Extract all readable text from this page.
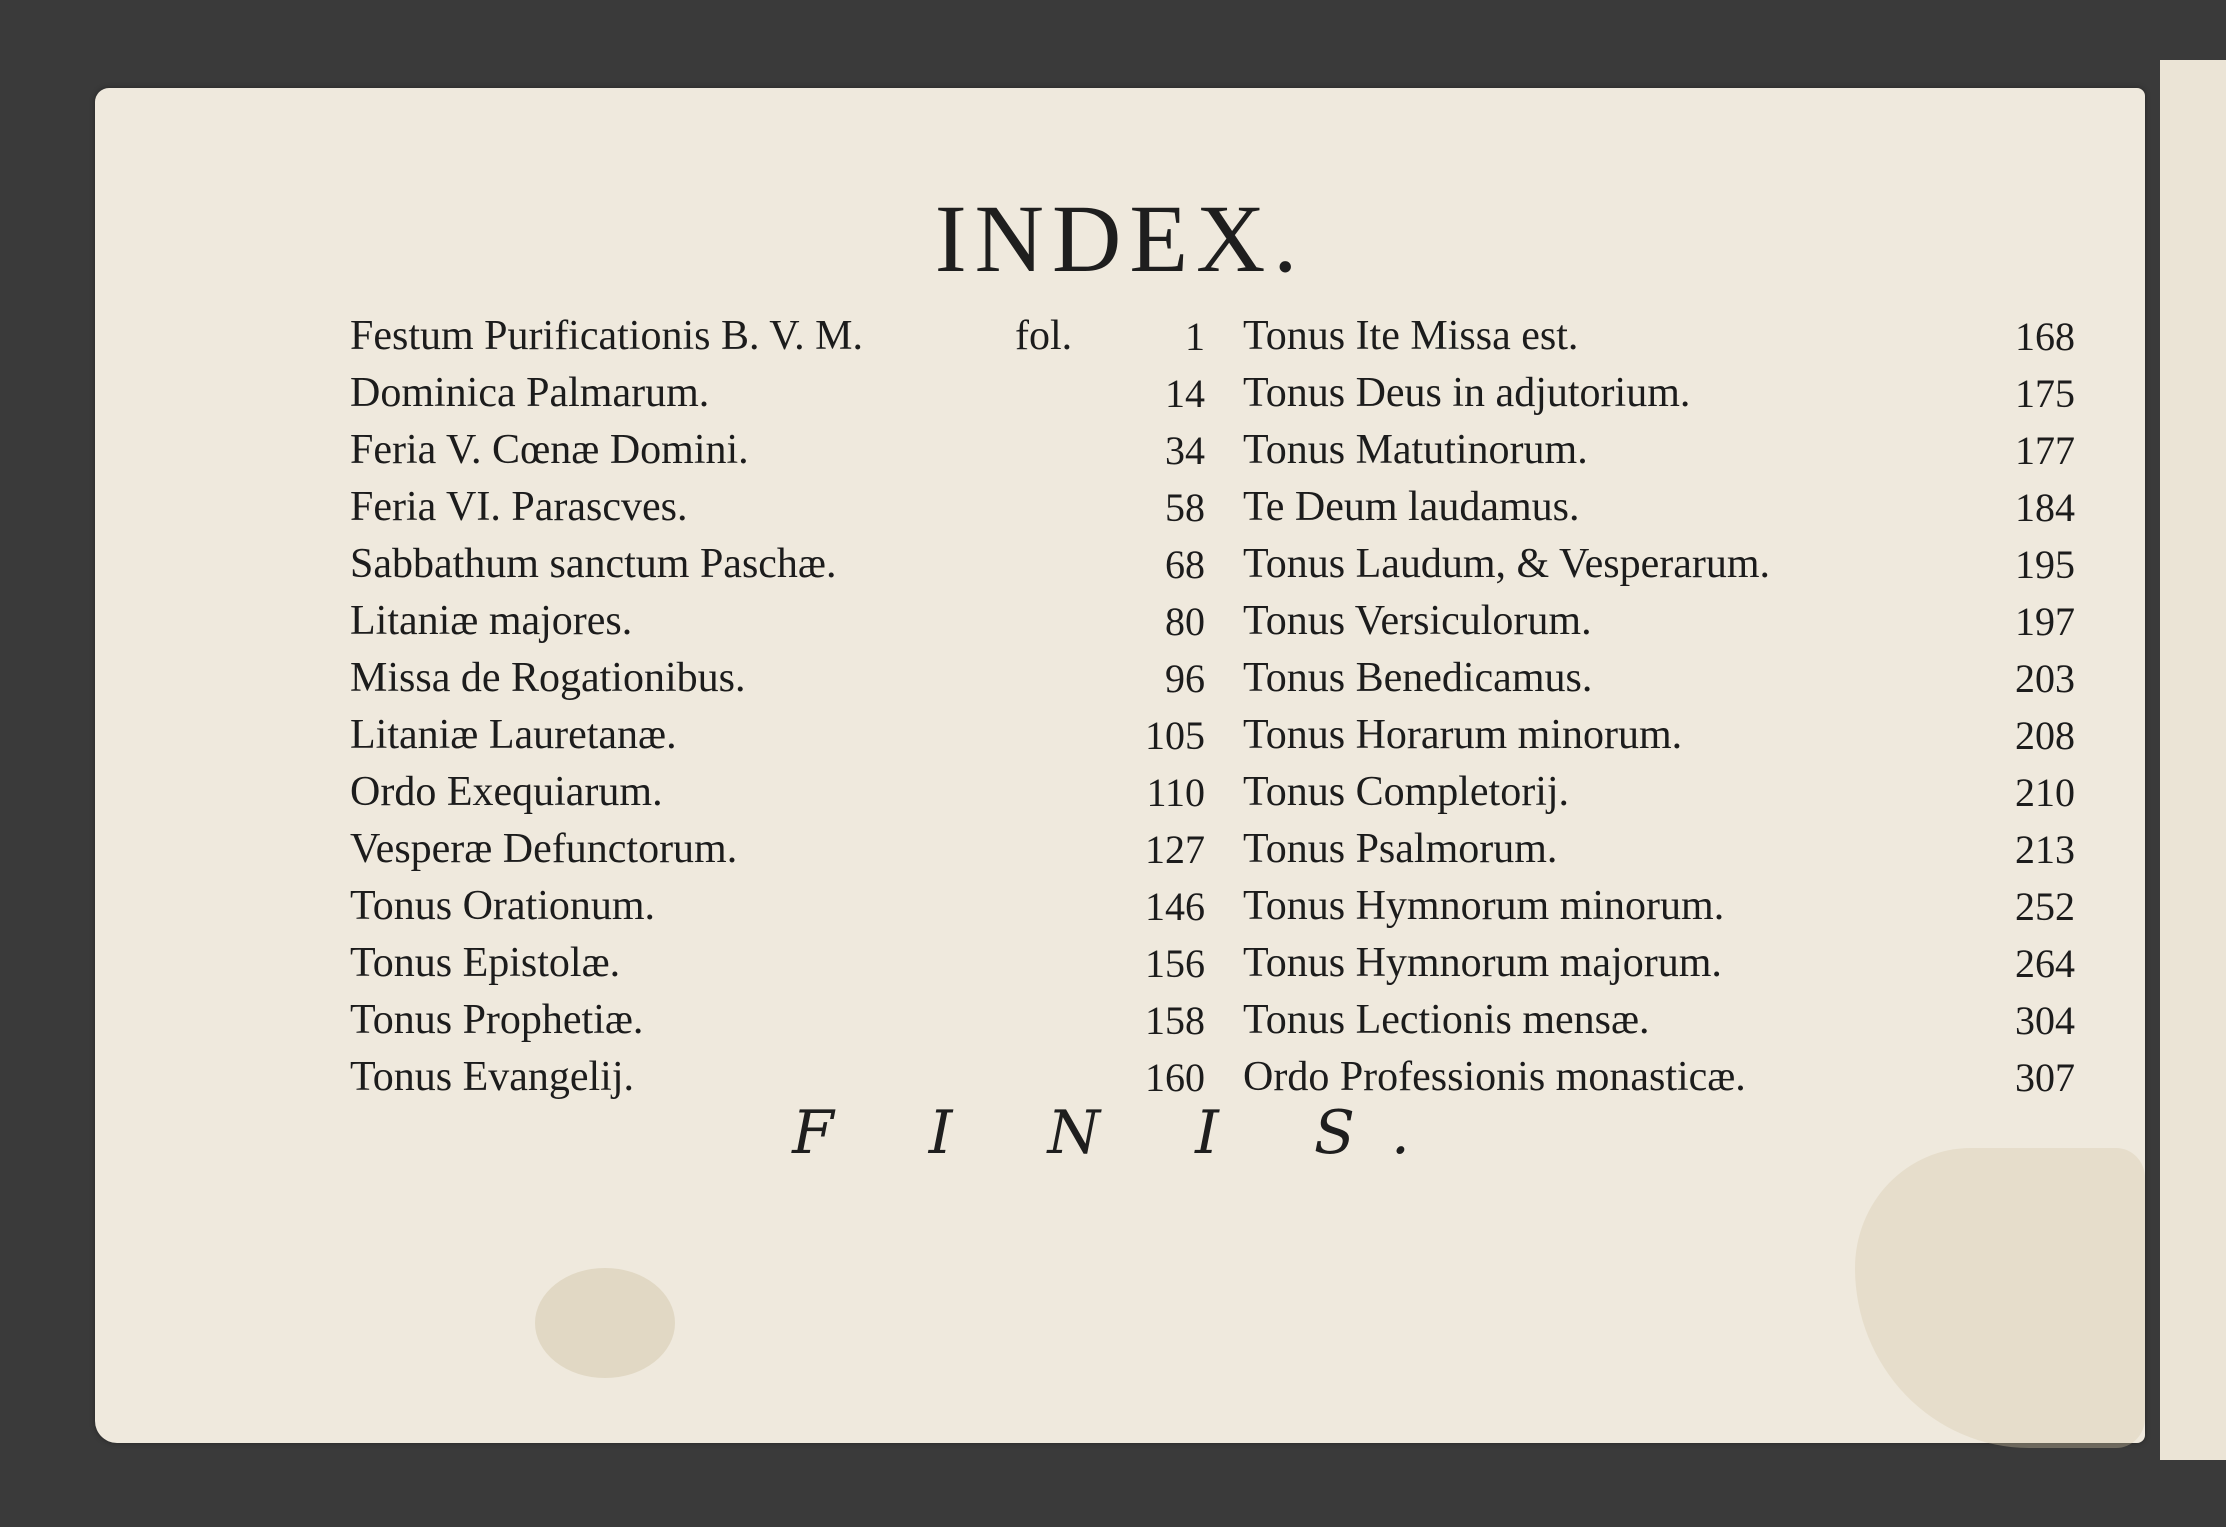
INDEX.
fol.
Festum Purificationis B. V. M.	1
Dominica Palmarum.	14
Feria V. Cœnæ Domini.	34
Feria VI. Parascves.	58
Sabbathum sanctum Paschæ.	68
Litaniæ majores.	80
Missa de Rogationibus.	96
Litaniæ Lauretanæ.	105
Ordo Exequiarum.	110
Vesperæ Defunctorum.	127
Tonus Orationum.	146
Tonus Epistolæ.	156
Tonus Prophetiæ.	158
Tonus Evangelij.	160
Tonus Ite Missa est.	168
Tonus Deus in adjutorium.	175
Tonus Matutinorum.	177
Te Deum laudamus.	184
Tonus Laudum, & Vesperarum.	195
Tonus Versiculorum.	197
Tonus Benedicamus.	203
Tonus Horarum minorum.	208
Tonus Completorij.	210
Tonus Psalmorum.	213
Tonus Hymnorum minorum.	252
Tonus Hymnorum majorum.	264
Tonus Lectionis mensæ.	304
Ordo Professionis monasticæ.	307
F I N I S.
